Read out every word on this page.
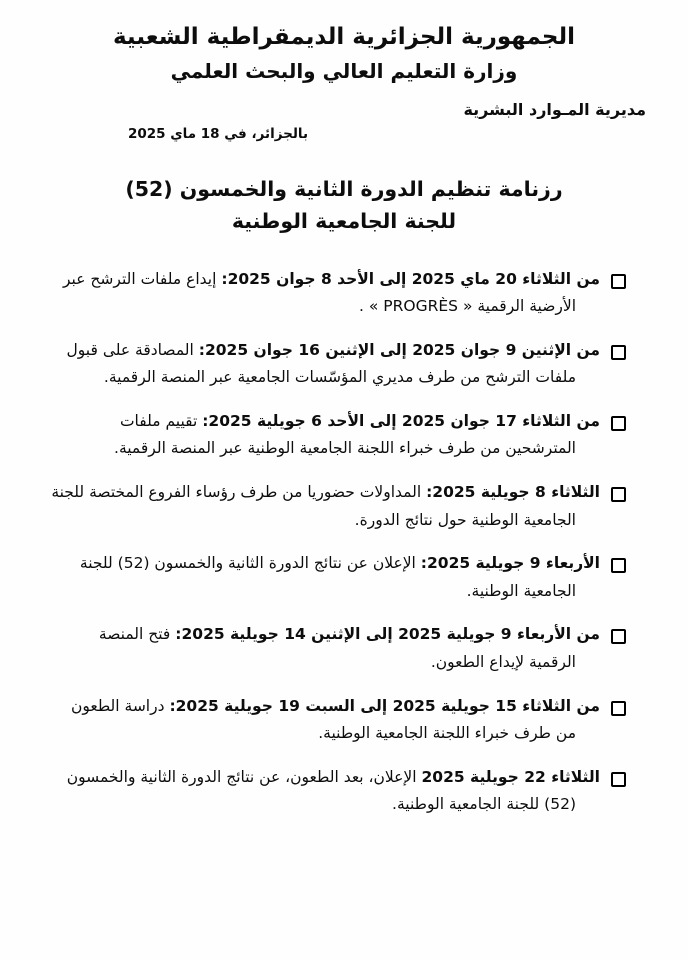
الجمهورية الجزائرية الديمقراطية الشعبية
وزارة التعليم العالي والبحث العلمي
مديرية المـوارد البشرية
بالجزائر، في 18 ماي 2025
رزنامة تنظيم الدورة الثانية والخمسون (52)
للجنة الجامعية الوطنية
من الثلاثاء 20 ماي 2025 إلى الأحد 8 جوان 2025: إيداع ملفات الترشح عبر الأرضية الرقمية « PROGRÈS » .
من الإثنين 9 جوان 2025 إلى الإثنين 16 جوان 2025: المصادقة على قبول ملفات الترشح من طرف مديري المؤسّسات الجامعية عبر المنصة الرقمية.
من الثلاثاء 17 جوان 2025 إلى الأحد 6 جويلية 2025: تقييم ملفات المترشحين من طرف خبراء اللجنة الجامعية الوطنية عبر المنصة الرقمية.
الثلاثاء 8 جويلية 2025: المداولات حضوريا من طرف رؤساء الفروع المختصة للجنة الجامعية الوطنية حول نتائج الدورة.
الأربعاء 9 جويلية 2025: الإعلان عن نتائج الدورة الثانية والخمسون (52) للجنة الجامعية الوطنية.
من الأربعاء 9 جويلية 2025 إلى الإثنين 14 جويلية 2025: فتح المنصة الرقمية لإيداع الطعون.
من الثلاثاء 15 جويلية 2025 إلى السبت 19 جويلية 2025: دراسة الطعون من طرف خبراء اللجنة الجامعية الوطنية.
الثلاثاء 22 جويلية 2025 الإعلان، بعد الطعون، عن نتائج الدورة الثانية والخمسون (52) للجنة الجامعية الوطنية.
